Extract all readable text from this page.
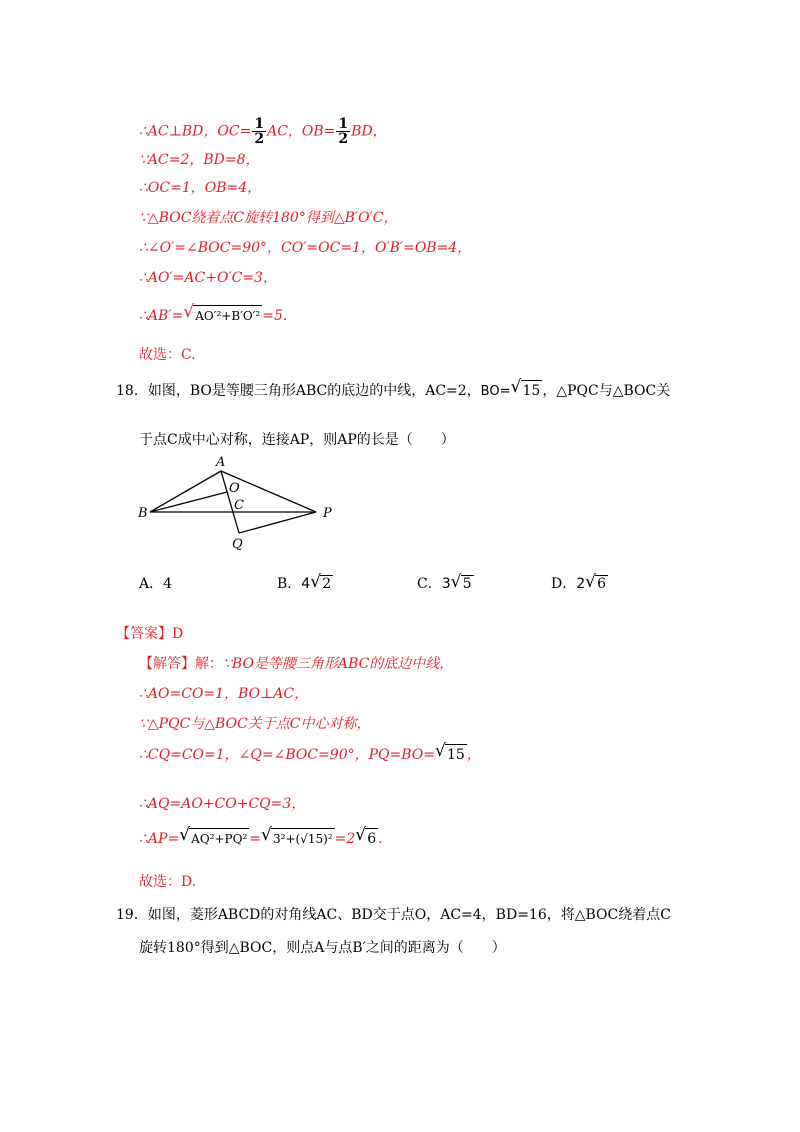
∴AC⊥BD，$OC= \frac{1}{2}$ AC，$OB= \frac{1}{2}$ BD，
∵AC=2，BD=8，
∴OC=1，OB=4，
∵△BOC绕着点C旋转180°得到△B′O′C，
∴∠O′=∠BOC=90°，CO′=OC=1，O′B′=OB=4，
∴AO′=AC+O′C=3，
∴AB′= √ AO′²+B′O′² =5.
故选：C.
18．如图，BO是等腰三角形ABC的底边的中线，AC=2，BO= √ 15 ，△PQC与△BOC关
于点C成中心对称，连接AP，则AP的长是（　　）
A
O
C
B	P
Q
A．4	B．4 √ 2	C．3 √ 5	D．2 √ 6
【答案】D
【解答】解：∵BO是等腰三角形ABC的底边中线，
∴AO=CO=1，BO⊥AC，
∵△PQC与△BOC关于点C中心对称，
∴CQ=CO=1，∠Q=∠BOC=90°，PQ=BO= √ 15 ，
∴AQ=AO+CO+CQ=3，
∴AP= √ AQ²+PQ² = √ 3²+(√15)² =2 √ 6 .
故选：D.
19．如图，菱形ABCD的对角线AC、BD交于点O，AC=4，BD=16，将△BOC绕着点C
旋转180°得到△BOC，则点A与点B′之间的距离为（　　）
